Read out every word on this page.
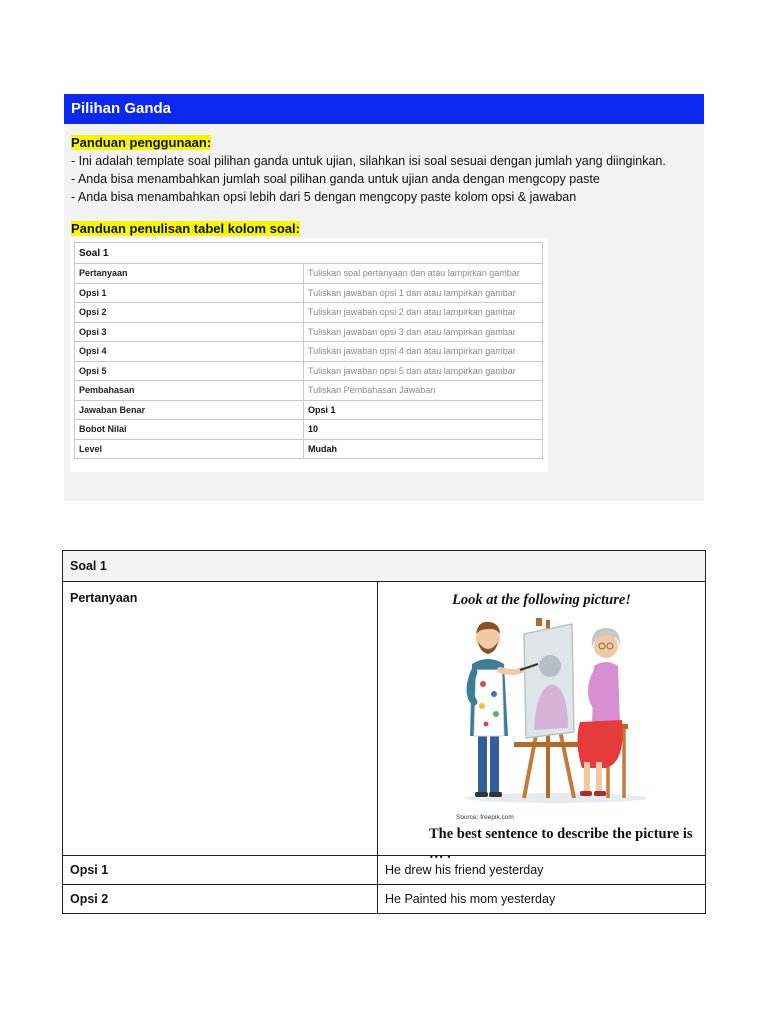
Pilihan Ganda
Panduan penggunaan:
- Ini adalah template soal pilihan ganda untuk ujian, silahkan isi soal sesuai dengan jumlah yang diinginkan.
- Anda bisa menambahkan jumlah soal pilihan ganda untuk ujian anda dengan mengcopy paste
- Anda bisa menambahkan opsi lebih dari 5 dengan mengcopy paste kolom opsi & jawaban
Panduan penulisan tabel kolom soal:
Soal 1	
Pertanyaan	Tuliskan soal pertanyaan dan atau lampirkan gambar
Opsi 1	Tuliskan jawaban opsi 1 dan atau lampirkan gambar
Opsi 2	Tuliskan jawaban opsi 2 dan atau lampirkan gambar
Opsi 3	Tuliskan jawaban opsi 3 dan atau lampirkan gambar
Opsi 4	Tuliskan jawaban opsi 4 dan atau lampirkan gambar
Opsi 5	Tuliskan jawaban opsi 5 dan atau lampirkan gambar
Pembahasan	Tuliskan Pembahasan Jawaban
Jawaban Benar	Opsi 1
Bobot Nilai	10
Level	Mudah
Soal 1	
Pertanyaan	Look at the following picture!
Source: freepik.com
The best sentence to describe the picture is … .

Opsi 1	He drew his friend yesterday
Opsi 2	He Painted his mom yesterday
